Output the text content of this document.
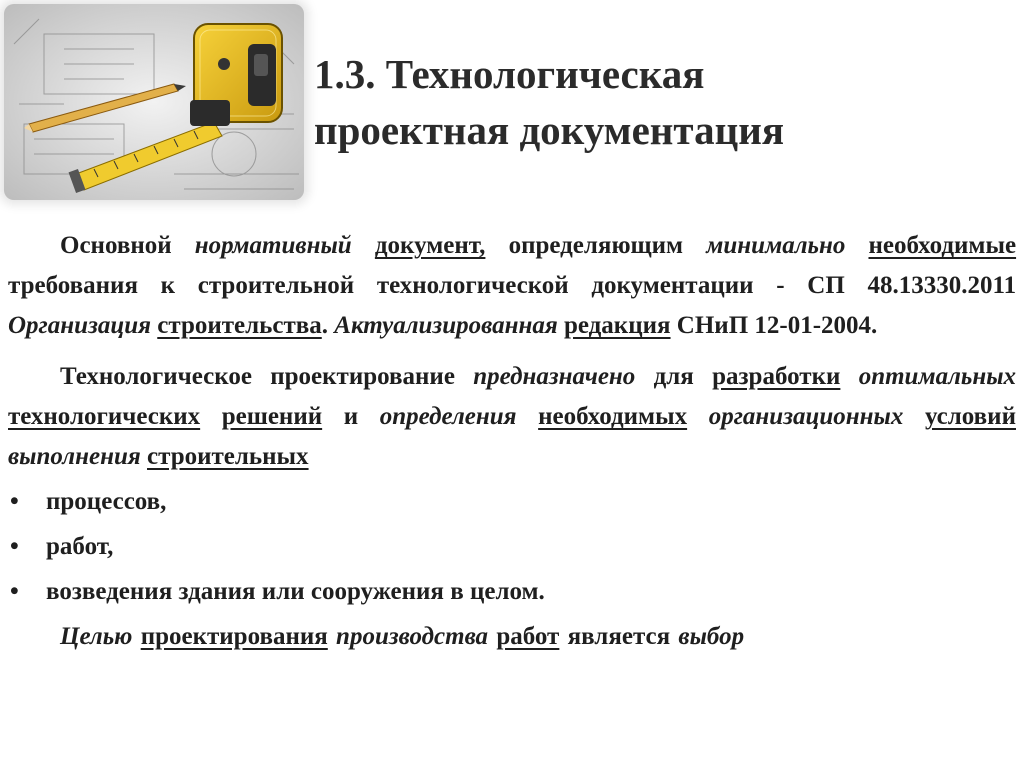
1.3. Технологическая
проектная документация

Основной нормативный документ, определяющим минимально необходимые требования к строительной технологической документации - СП 48.13330.2011 Организация строительства. Актуализированная редакция СНиП 12-01-2004.

Технологическое проектирование предназначено для разработки оптимальных технологических решений и определения необходимых организационных условий выполнения строительных

• процессов,
• работ,
• возведения здания или сооружения в целом.

Целью проектирования производства работ является выбор
